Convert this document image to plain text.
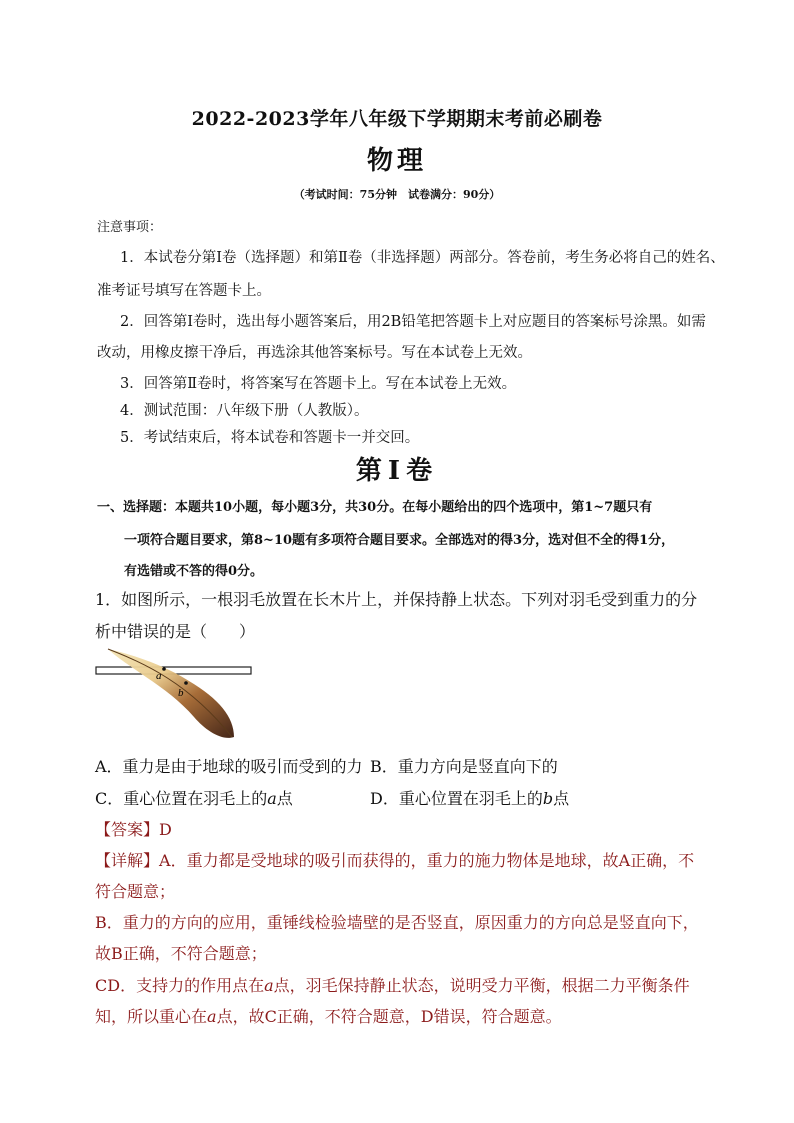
2022-2023学年八年级下学期期末考前必刷卷
物理
（考试时间：75分钟　试卷满分：90分）
注意事项：
1．本试卷分第Ⅰ卷（选择题）和第Ⅱ卷（非选择题）两部分。答卷前，考生务必将自己的姓名、
准考证号填写在答题卡上。
2．回答第Ⅰ卷时，选出每小题答案后，用2B铅笔把答题卡上对应题目的答案标号涂黑。如需
改动，用橡皮擦干净后，再选涂其他答案标号。写在本试卷上无效。
3．回答第Ⅱ卷时，将答案写在答题卡上。写在本试卷上无效。
4．测试范围：八年级下册（人教版）。
5．考试结束后，将本试卷和答题卡一并交回。
第Ⅰ卷
一、选择题：本题共10小题，每小题3分，共30分。在每小题给出的四个选项中，第1~7题只有
一项符合题目要求，第8~10题有多项符合题目要求。全部选对的得3分，选对但不全的得1分，
有选错或不答的得0分。
1．如图所示，一根羽毛放置在长木片上，并保持静上状态。下列对羽毛受到重力的分
析中错误的是（　　）
a
b
A．重力是由于地球的吸引而受到的力 B．重力方向是竖直向下的
C．重心位置在羽毛上的a点	D．重心位置在羽毛上的b点
【答案】D
【详解】A．重力都是受地球的吸引而获得的，重力的施力物体是地球，故A正确，不
符合题意；
B．重力的方向的应用，重锤线检验墙壁的是否竖直，原因重力的方向总是竖直向下，
故B正确，不符合题意；
CD．支持力的作用点在a点，羽毛保持静止状态，说明受力平衡，根据二力平衡条件
知，所以重心在a点，故C正确，不符合题意，D错误，符合题意。
